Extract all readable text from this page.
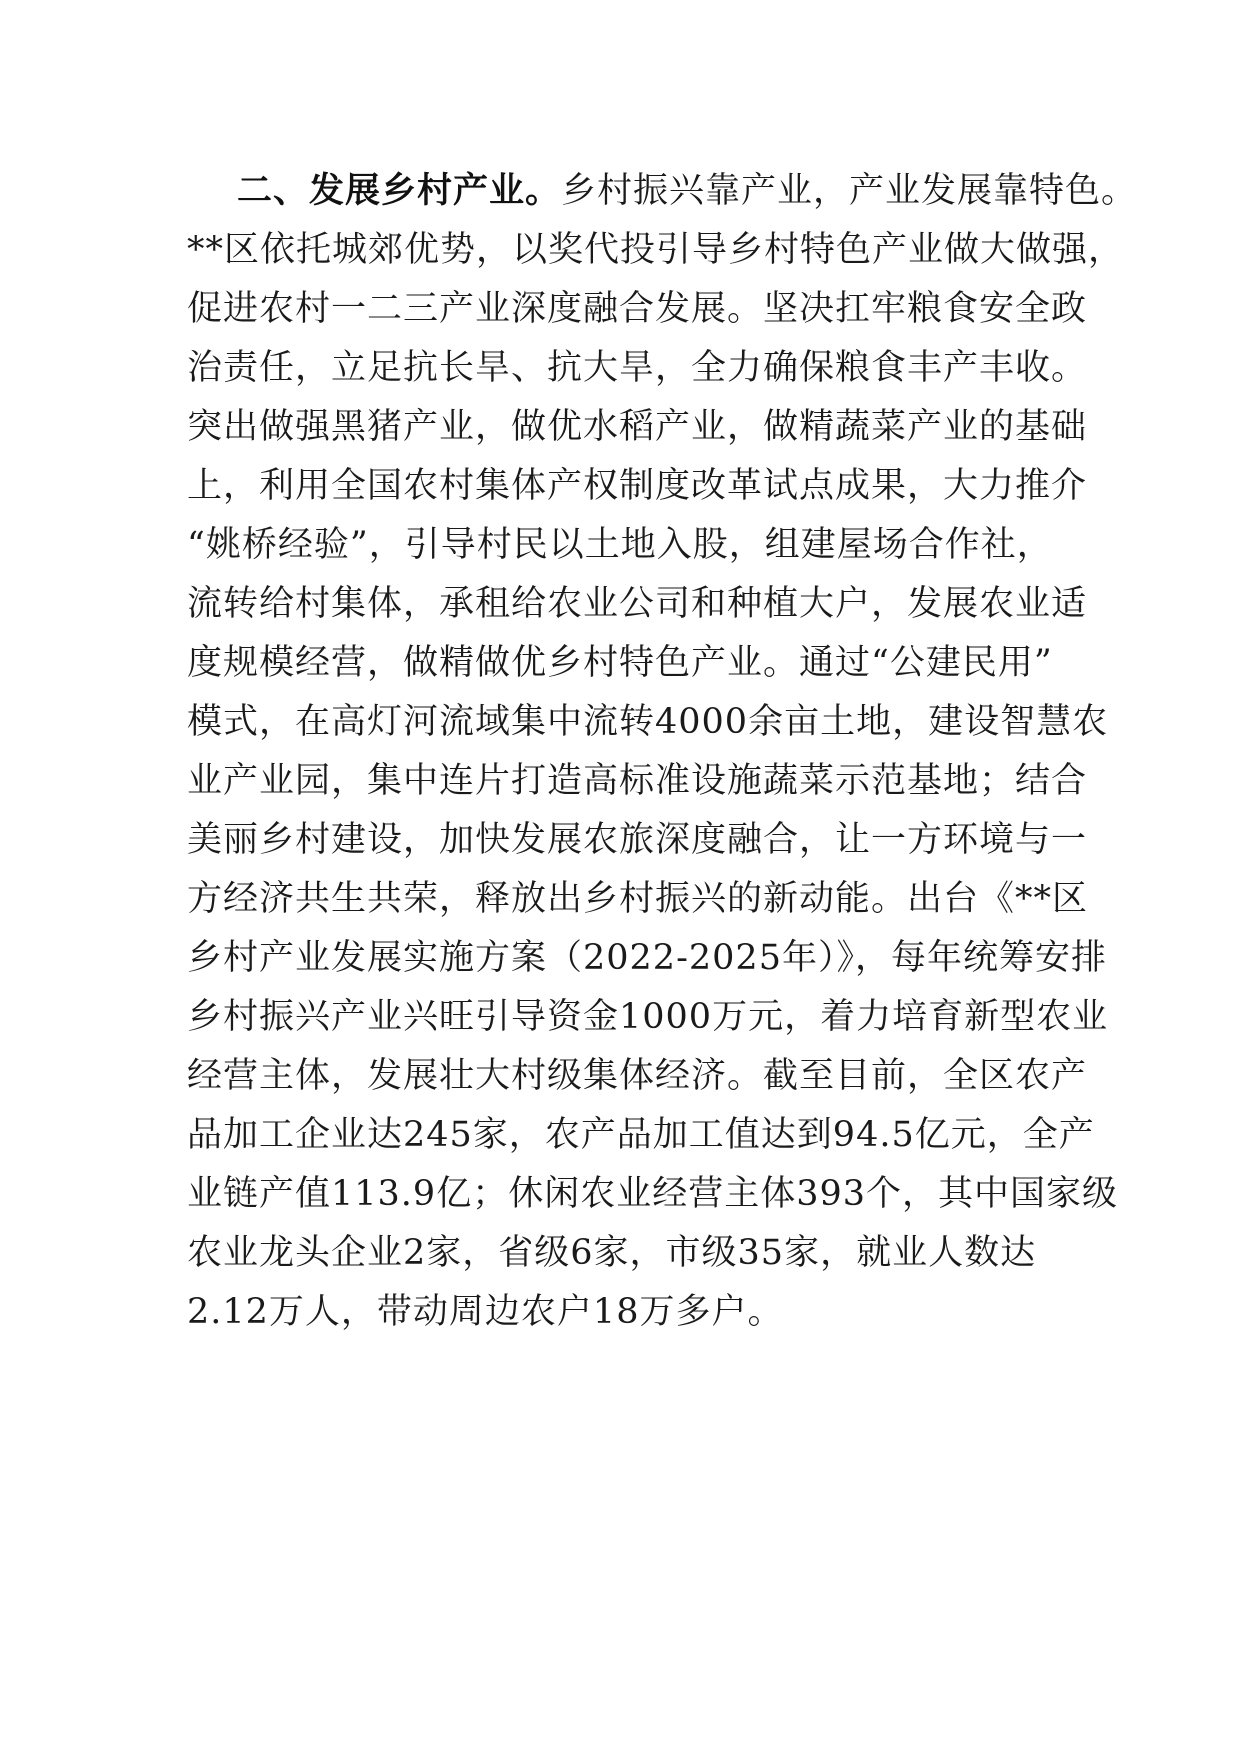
二、发展乡村产业。乡村振兴靠产业，产业发展靠特色。
**区依托城郊优势，以奖代投引导乡村特色产业做大做强，
促进农村一二三产业深度融合发展。坚决扛牢粮食安全政
治责任，立足抗长旱、抗大旱，全力确保粮食丰产丰收。
突出做强黑猪产业，做优水稻产业，做精蔬菜产业的基础
上，利用全国农村集体产权制度改革试点成果，大力推介
“姚桥经验”，引导村民以土地入股，组建屋场合作社，
流转给村集体，承租给农业公司和种植大户，发展农业适
度规模经营，做精做优乡村特色产业。通过“公建民用”
模式，在高灯河流域集中流转4000余亩土地，建设智慧农
业产业园，集中连片打造高标准设施蔬菜示范基地；结合
美丽乡村建设，加快发展农旅深度融合，让一方环境与一
方经济共生共荣，释放出乡村振兴的新动能。出台《**区
乡村产业发展实施方案（2022-2025年）》，每年统筹安排
乡村振兴产业兴旺引导资金1000万元，着力培育新型农业
经营主体，发展壮大村级集体经济。截至目前，全区农产
品加工企业达245家，农产品加工值达到94.5亿元，全产
业链产值113.9亿；休闲农业经营主体393个，其中国家级
农业龙头企业2家，省级6家，市级35家，就业人数达
2.12万人，带动周边农户18万多户。
